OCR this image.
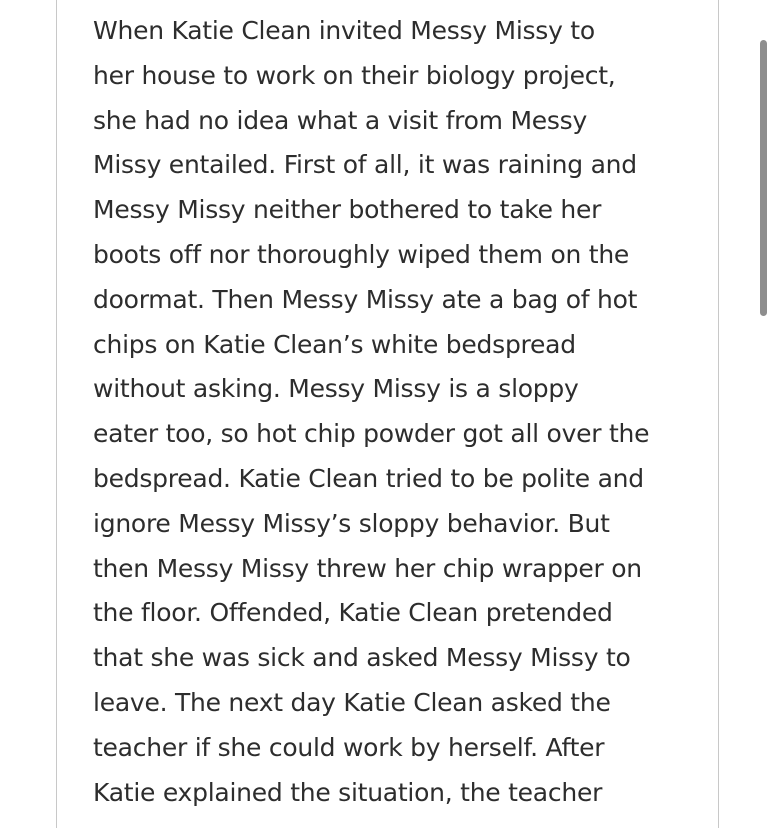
When Katie Clean invited Messy Missy to
her house to work on their biology project,
she had no idea what a visit from Messy
Missy entailed. First of all, it was raining and
Messy Missy neither bothered to take her
boots off nor thoroughly wiped them on the
doormat. Then Messy Missy ate a bag of hot
chips on Katie Clean’s white bedspread
without asking. Messy Missy is a sloppy
eater too, so hot chip powder got all over the
bedspread. Katie Clean tried to be polite and
ignore Messy Missy’s sloppy behavior. But
then Messy Missy threw her chip wrapper on
the floor. Offended, Katie Clean pretended
that she was sick and asked Messy Missy to
leave. The next day Katie Clean asked the
teacher if she could work by herself. After
Katie explained the situation, the teacher
